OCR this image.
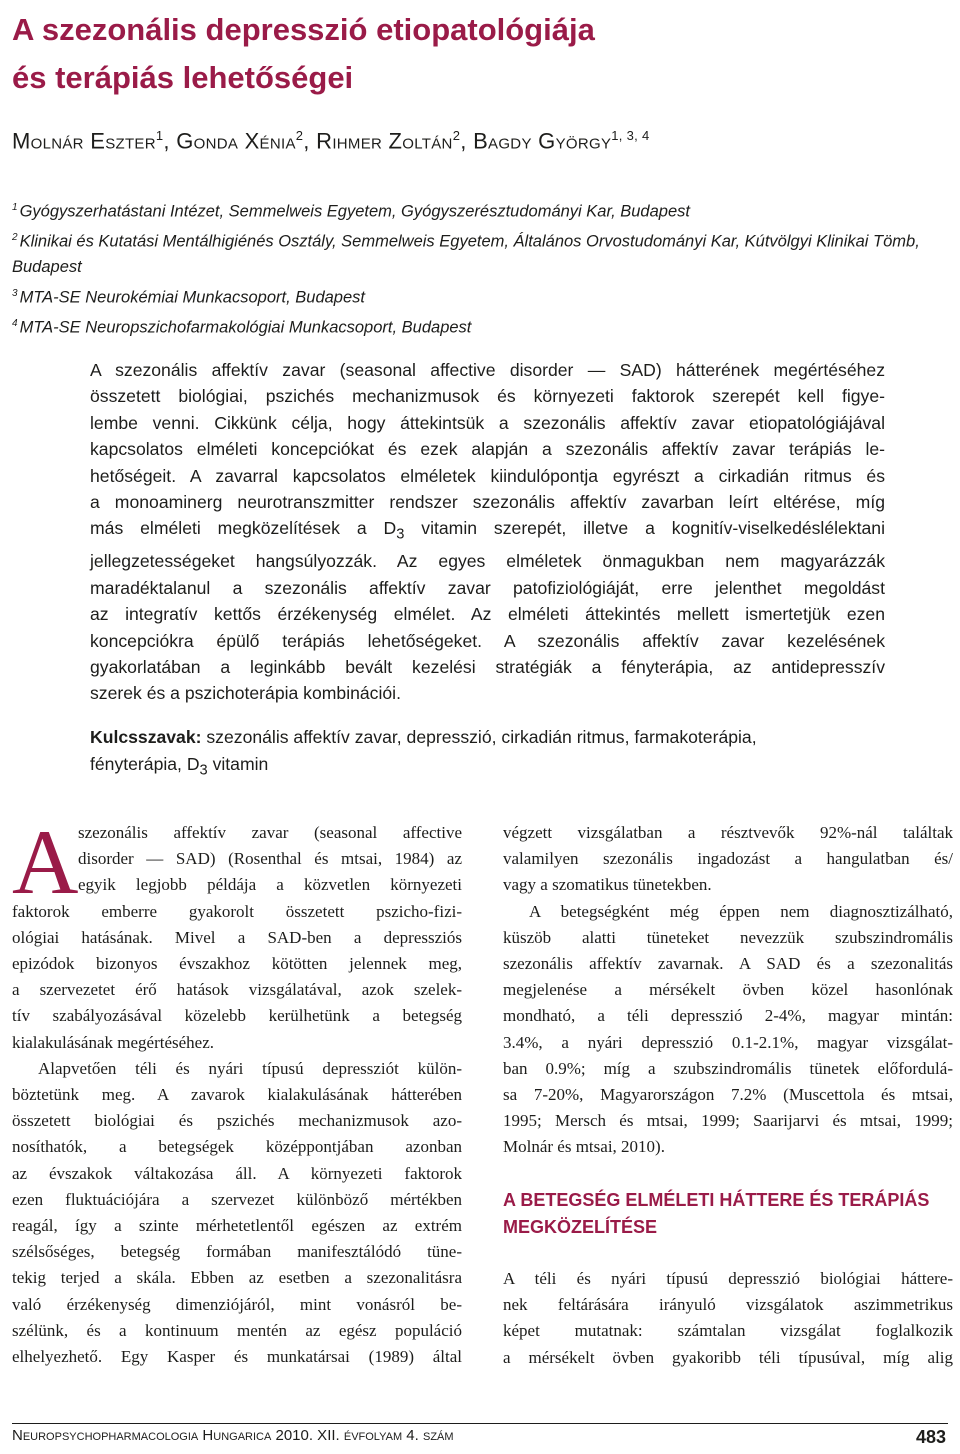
A szezonális depresszió etiopatológiája
és terápiás lehetőségei
Molnár Eszter$^1$, Gonda Xénia$^2$, Rihmer Zoltán$^2$, Bagdy György$^{1, 3, 4}$
$^1$ Gyógyszerhatástani Intézet, Semmelweis Egyetem, Gyógyszerésztudományi Kar, Budapest
$^2$ Klinikai és Kutatási Mentálhigiénés Osztály, Semmelweis Egyetem, Általános Orvostudományi Kar, Kútvölgyi Klinikai Tömb, Budapest
$^3$ MTA-SE Neurokémiai Munkacsoport, Budapest
$^4$ MTA-SE Neuropszichofarmakológiai Munkacsoport, Budapest
A szezonális affektív zavar (seasonal affective disorder — SAD) hátterének megértéséhez
összetett biológiai, pszichés mechanizmusok és környezeti faktorok szerepét kell figye-
lembe venni. Cikkünk célja, hogy áttekintsük a szezonális affektív zavar etiopatológiájával
kapcsolatos elméleti koncepciókat és ezek alapján a szezonális affektív zavar terápiás le-
hetőségeit. A zavarral kapcsolatos elméletek kiindulópontja egyrészt a cirkadián ritmus és
a monoaminerg neurotranszmitter rendszer szezonális affektív zavarban leírt eltérése, míg
más elméleti megközelítések a $D_3$ vitamin szerepét, illetve a kognitív-viselkedéslélektani
jellegzetességeket hangsúlyozzák. Az egyes elméletek önmagukban nem magyarázzák
maradéktalanul a szezonális affektív zavar patofiziológiáját, erre jelenthet megoldást
az integratív kettős érzékenység elmélet. Az elméleti áttekintés mellett ismertetjük ezen
koncepciókra épülő terápiás lehetőségeket. A szezonális affektív zavar kezelésének
gyakorlatában a leginkább bevált kezelési stratégiák a fényterápia, az antidepresszív
szerek és a pszichoterápia kombinációi.
Kulcsszavak: szezonális affektív zavar, depresszió, cirkadián ritmus, farmakoterápia,
fényterápia, $D_3$ vitamin
A szezonális affektív zavar (seasonal affective
disorder — SAD) (Rosenthal és mtsai, 1984) az
egyik legjobb példája a közvetlen környezeti
faktorok emberre gyakorolt összetett pszicho-fizi-
ológiai hatásának. Mivel a SAD-ben a depressziós
epizódok bizonyos évszakhoz kötötten jelennek meg,
a szervezetet érő hatások vizsgálatával, azok szelek-
tív szabályozásával közelebb kerülhetünk a betegség
kialakulásának megértéséhez.
Alapvetően téli és nyári típusú depressziót külön-
böztetünk meg. A zavarok kialakulásának hátterében
összetett biológiai és pszichés mechanizmusok azo-
nosíthatók, a betegségek középpontjában azonban
az évszakok váltakozása áll. A környezeti faktorok
ezen fluktuációjára a szervezet különböző mértékben
reagál, így a szinte mérhetetlentől egészen az extrém
szélsőséges, betegség formában manifesztálódó tüne-
tekig terjed a skála. Ebben az esetben a szezonalitásra
való érzékenység dimenziójáról, mint vonásról be-
szélünk, és a kontinuum mentén az egész populáció
elhelyezhető. Egy Kasper és munkatársai (1989) által
végzett vizsgálatban a résztvevők 92%-nál találtak
valamilyen szezonális ingadozást a hangulatban és/
vagy a szomatikus tünetekben.
A betegségként még éppen nem diagnosztizálható,
küszöb alatti tüneteket nevezzük szubszindromális
szezonális affektív zavarnak. A SAD és a szezonalitás
megjelenése a mérsékelt övben közel hasonlónak
mondható, a téli depresszió 2-4%, magyar mintán:
3.4%, a nyári depresszió 0.1-2.1%, magyar vizsgálat-
ban 0.9%; míg a szubszindromális tünetek előfordulá-
sa 7-20%, Magyarországon 7.2% (Muscettola és mtsai,
1995; Mersch és mtsai, 1999; Saarijarvi és mtsai, 1999;
Molnár és mtsai, 2010).
A BETEGSÉG ELMÉLETI HÁTTERE ÉS TERÁPIÁS
MEGKÖZELÍTÉSE
A téli és nyári típusú depresszió biológiai háttere-
nek feltárására irányuló vizsgálatok aszimmetrikus
képet mutatnak: számtalan vizsgálat foglalkozik
a mérsékelt övben gyakoribb téli típusúval, míg alig
Neuropsychopharmacologia Hungarica 2010. XII. évfolyam 4. szám	483
